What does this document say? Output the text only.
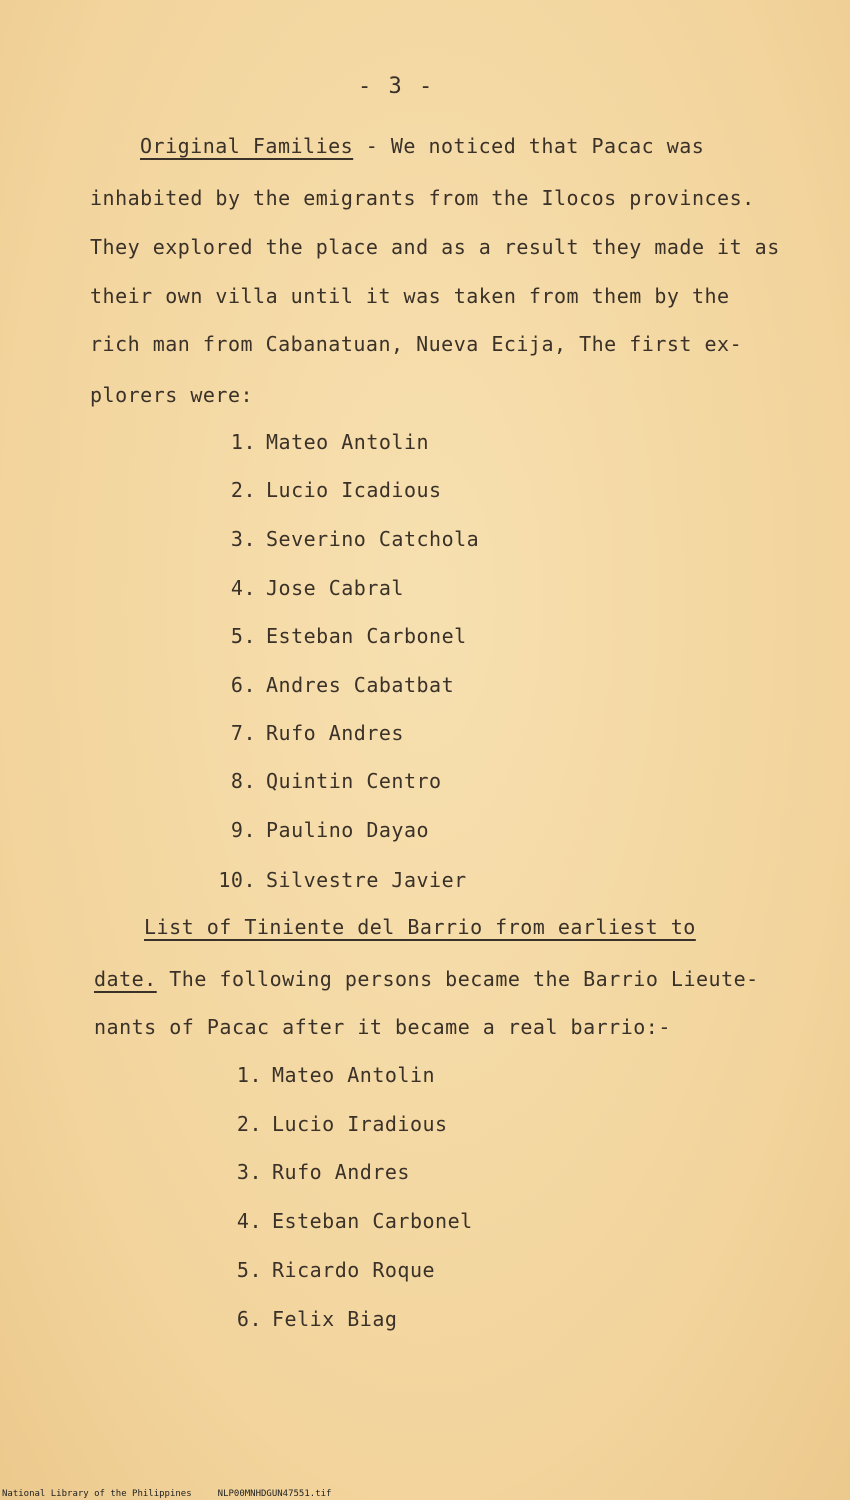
- 3 -
Original Families - We noticed that Pacac was
inhabited by the emigrants from the Ilocos provinces.
They explored the place and as a result they made it as
their own villa until it was taken from them by the
rich man from Cabanatuan, Nueva Ecija, The first ex-
plorers were:
1. Mateo Antolin
2. Lucio Icadious
3. Severino Catchola
4. Jose Cabral
5. Esteban Carbonel
6. Andres Cabatbat
7. Rufo Andres
8. Quintin Centro
9. Paulino Dayao
10. Silvestre Javier
List of Tiniente del Barrio from earliest to
date. The following persons became the Barrio Lieute-
nants of Pacac after it became a real barrio:-
1. Mateo Antolin
2. Lucio Iradious
3. Rufo Andres
4. Esteban Carbonel
5. Ricardo Roque
6. Felix Biag
National Library of the Philippines	NLP00MNHDGUN47551.tif
